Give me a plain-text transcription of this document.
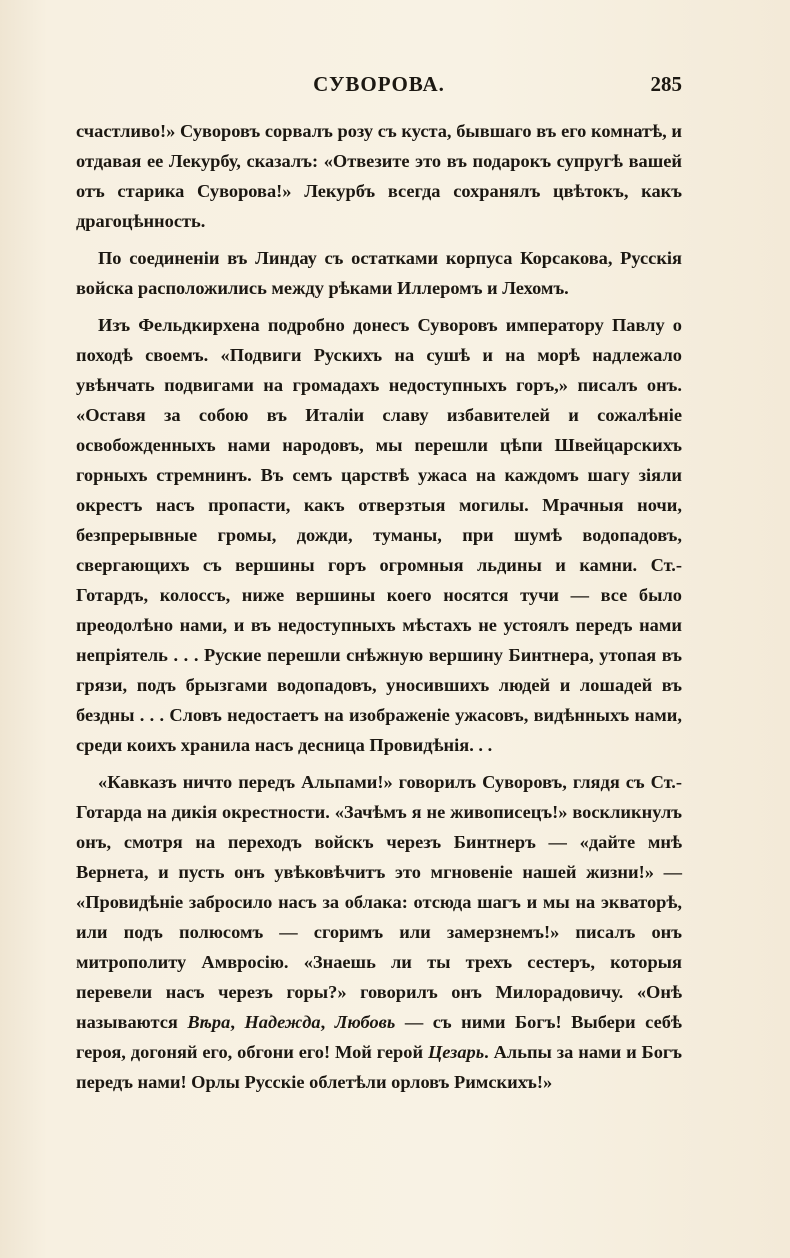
СУВОРОВА.	285

счастливо!» Суворовъ сорвалъ розу съ куста, бывшаго въ его комнатѣ, и отдавая ее Лекурбу, сказалъ: «Отвезите это въ подарокъ супругѣ вашей отъ старика Суворова!» Лекурбъ всегда сохранялъ цвѣтокъ, какъ драгоцѣнность.

По соединеніи въ Линдау съ остатками корпуса Корсакова, Русскія войска расположились между рѣками Иллеромъ и Лехомъ.

Изъ Фельдкирхена подробно донесъ Суворовъ императору Павлу о походѣ своемъ. «Подвиги Рускихъ на сушѣ и на морѣ надлежало увѣнчать подвигами на громадахъ недоступныхъ горъ,» писалъ онъ. «Оставя за собою въ Италіи славу избавителей и сожалѣніе освобожденныхъ нами народовъ, мы перешли цѣпи Швейцарскихъ горныхъ стремнинъ. Въ семъ царствѣ ужаса на каждомъ шагу зіяли окрестъ насъ пропасти, какъ отверзтыя могилы. Мрачныя ночи, безпрерывные громы, дожди, туманы, при шумѣ водопадовъ, свергающихъ съ вершины горъ огромныя льдины и камни. Ст.-Готардъ, колоссъ, ниже вершины коего носятся тучи — все было преодолѣно нами, и въ недоступныхъ мѣстахъ не устоялъ передъ нами непріятель . . . Руские перешли снѣжную вершину Бинтнера, утопая въ грязи, подъ брызгами водопадовъ, уносившихъ людей и лошадей въ бездны . . . Словъ недостаетъ на изображеніе ужасовъ, видѣнныхъ нами, среди коихъ хранила насъ десница Провидѣнія. . .

«Кавказъ ничто передъ Альпами!» говорилъ Суворовъ, глядя съ Ст.-Готарда на дикія окрестности. «Зачѣмъ я не живописецъ!» воскликнулъ онъ, смотря на переходъ войскъ черезъ Бинтнеръ — «дайте мнѣ Вернета, и пусть онъ увѣковѣчитъ это мгновеніе нашей жизни!» — «Провидѣніе забросило насъ за облака: отсюда шагъ и мы на экваторѣ, или подъ полюсомъ — сгоримъ или замерзнемъ!» писалъ онъ митрополиту Амвросію. «Знаешь ли ты трехъ сестеръ, которыя перевели насъ черезъ горы?» говорилъ онъ Милорадовичу. «Онѣ называются Вѣра, Надежда, Любовь — съ ними Богъ! Выбери себѣ героя, догоняй его, обгони его! Мой герой Цезарь. Альпы за нами и Богъ передъ нами! Орлы Русскіе облетѣли орловъ Римскихъ!»
